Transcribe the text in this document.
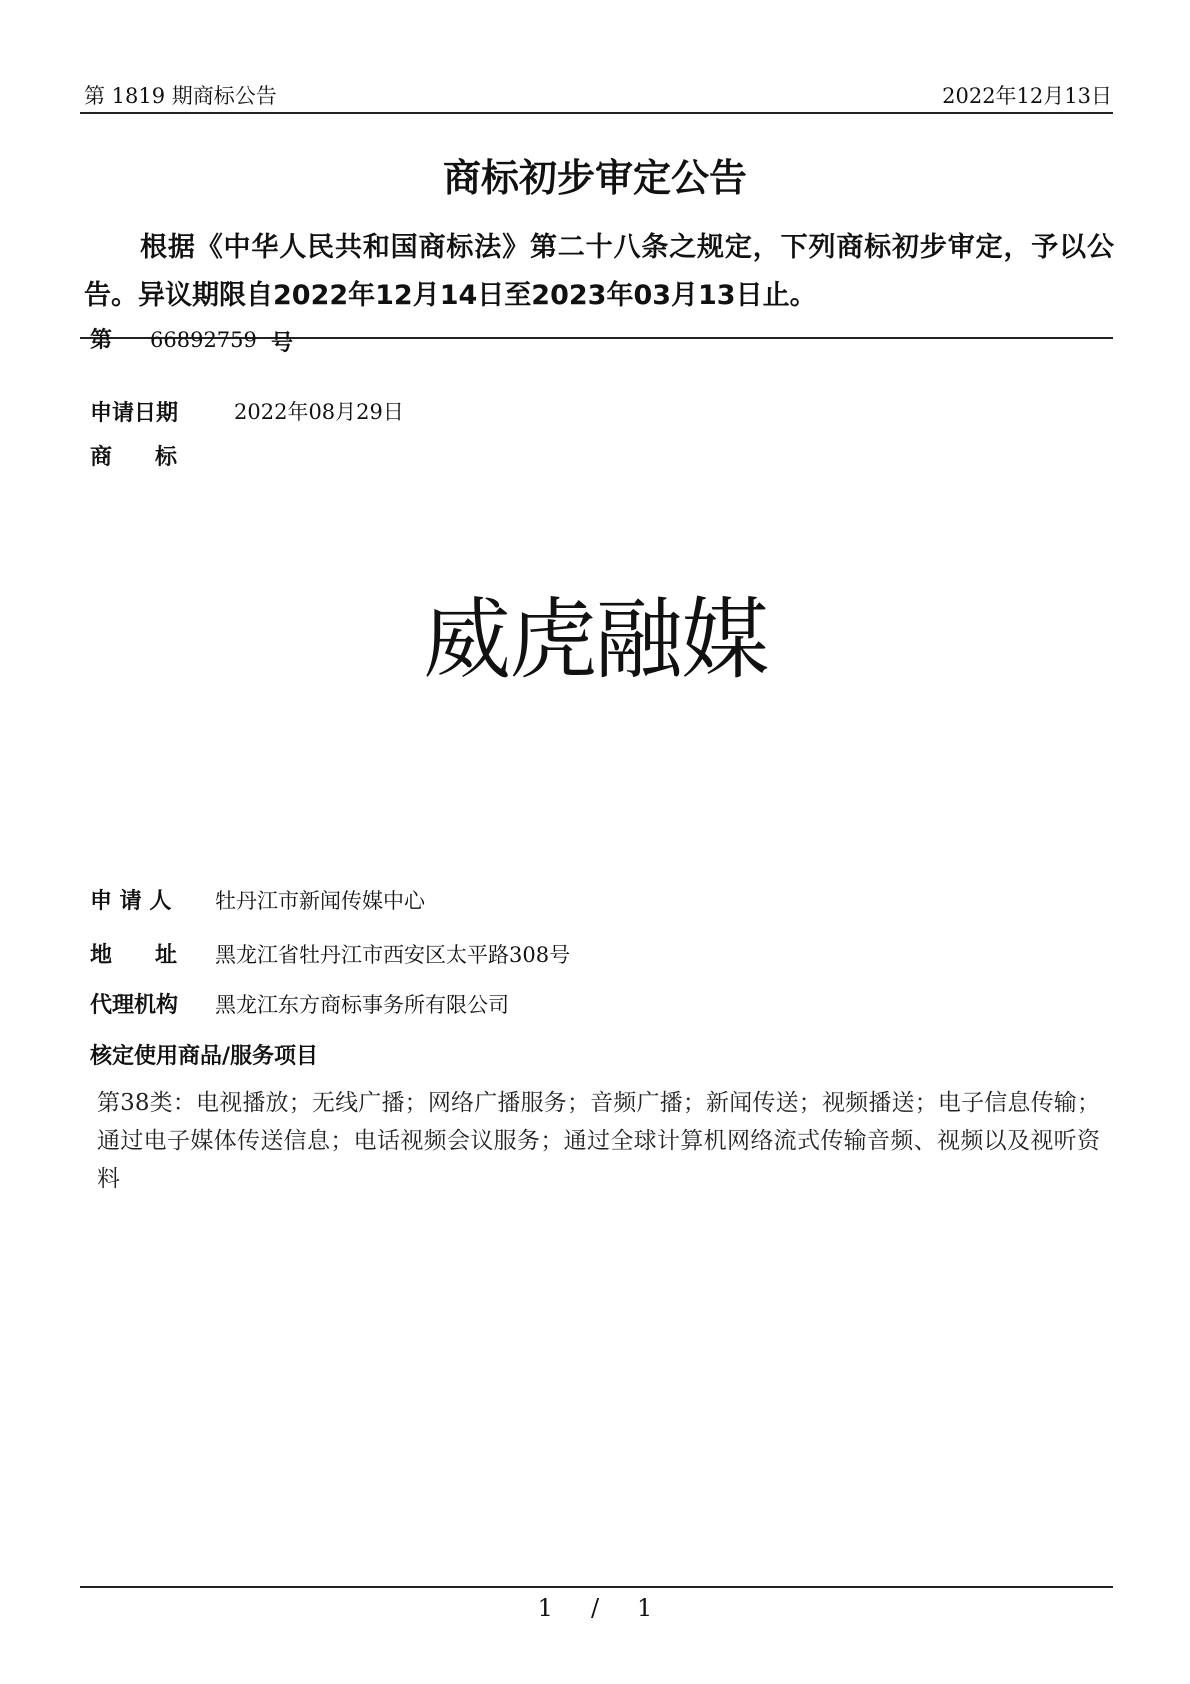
第 1819 期商标公告	2022年12月13日
商标初步审定公告
根据《中华人民共和国商标法》第二十八条之规定，下列商标初步审定，予以公告。异议期限自2022年12月14日至2023年03月13日止。
第 66892759 号
申请日期	2022年08月29日
商 标
威虎融媒
申 请 人 牡丹江市新闻传媒中心
地 址 黑龙江省牡丹江市西安区太平路308号
代理机构 黑龙江东方商标事务所有限公司
核定使用商品/服务项目
第38类：电视播放；无线广播；网络广播服务；音频广播；新闻传送；视频播送；电子信息传输；通过电子媒体传送信息；电话视频会议服务；通过全球计算机网络流式传输音频、视频以及视听资料
1 / 1
